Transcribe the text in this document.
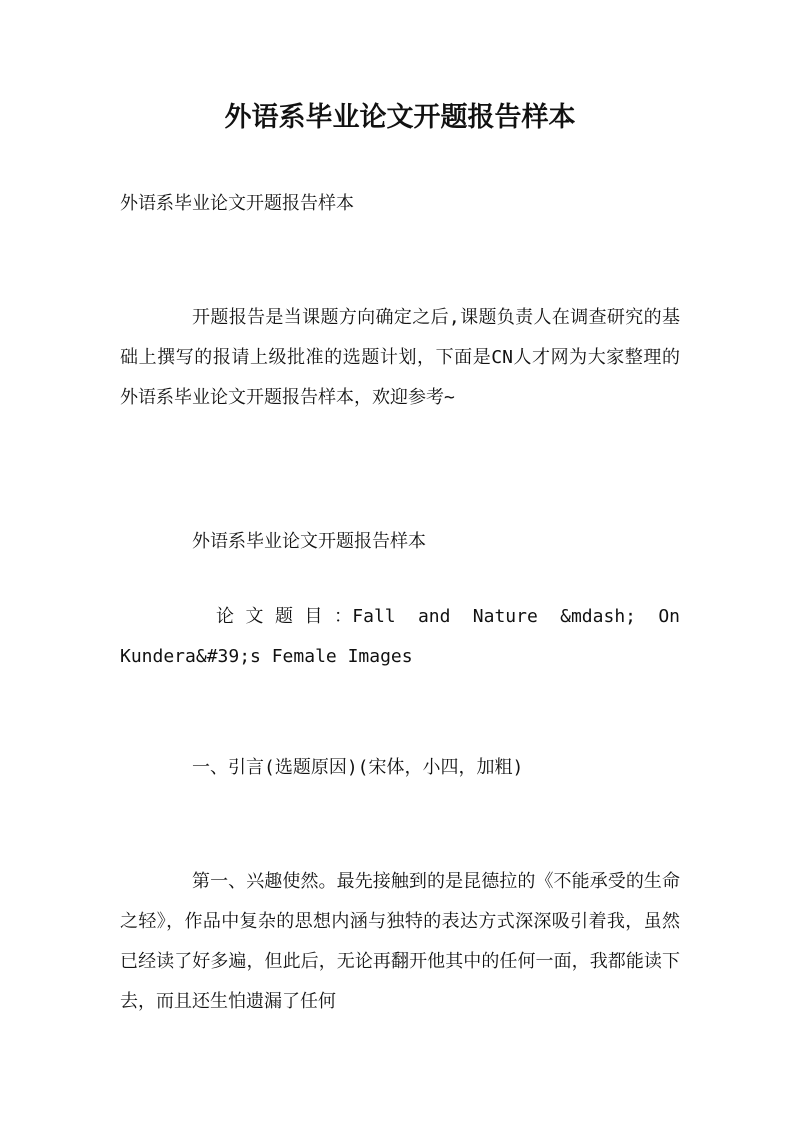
外语系毕业论文开题报告样本

外语系毕业论文开题报告样本

开题报告是当课题方向确定之后,课题负责人在调查研究的基础上撰写的报请上级批准的选题计划，下面是CN人才网为大家整理的外语系毕业论文开题报告样本，欢迎参考~

外语系毕业论文开题报告样本

论 文 题 目 ：Fall  and  Nature  &mdash;  On  Kundera&#39;s Female Images

一、引言(选题原因)(宋体，小四，加粗)

第一、兴趣使然。最先接触到的是昆德拉的《不能承受的生命之轻》，作品中复杂的思想内涵与独特的表达方式深深吸引着我，虽然已经读了好多遍，但此后，无论再翻开他其中的任何一面，我都能读下去，而且还生怕遗漏了任何
